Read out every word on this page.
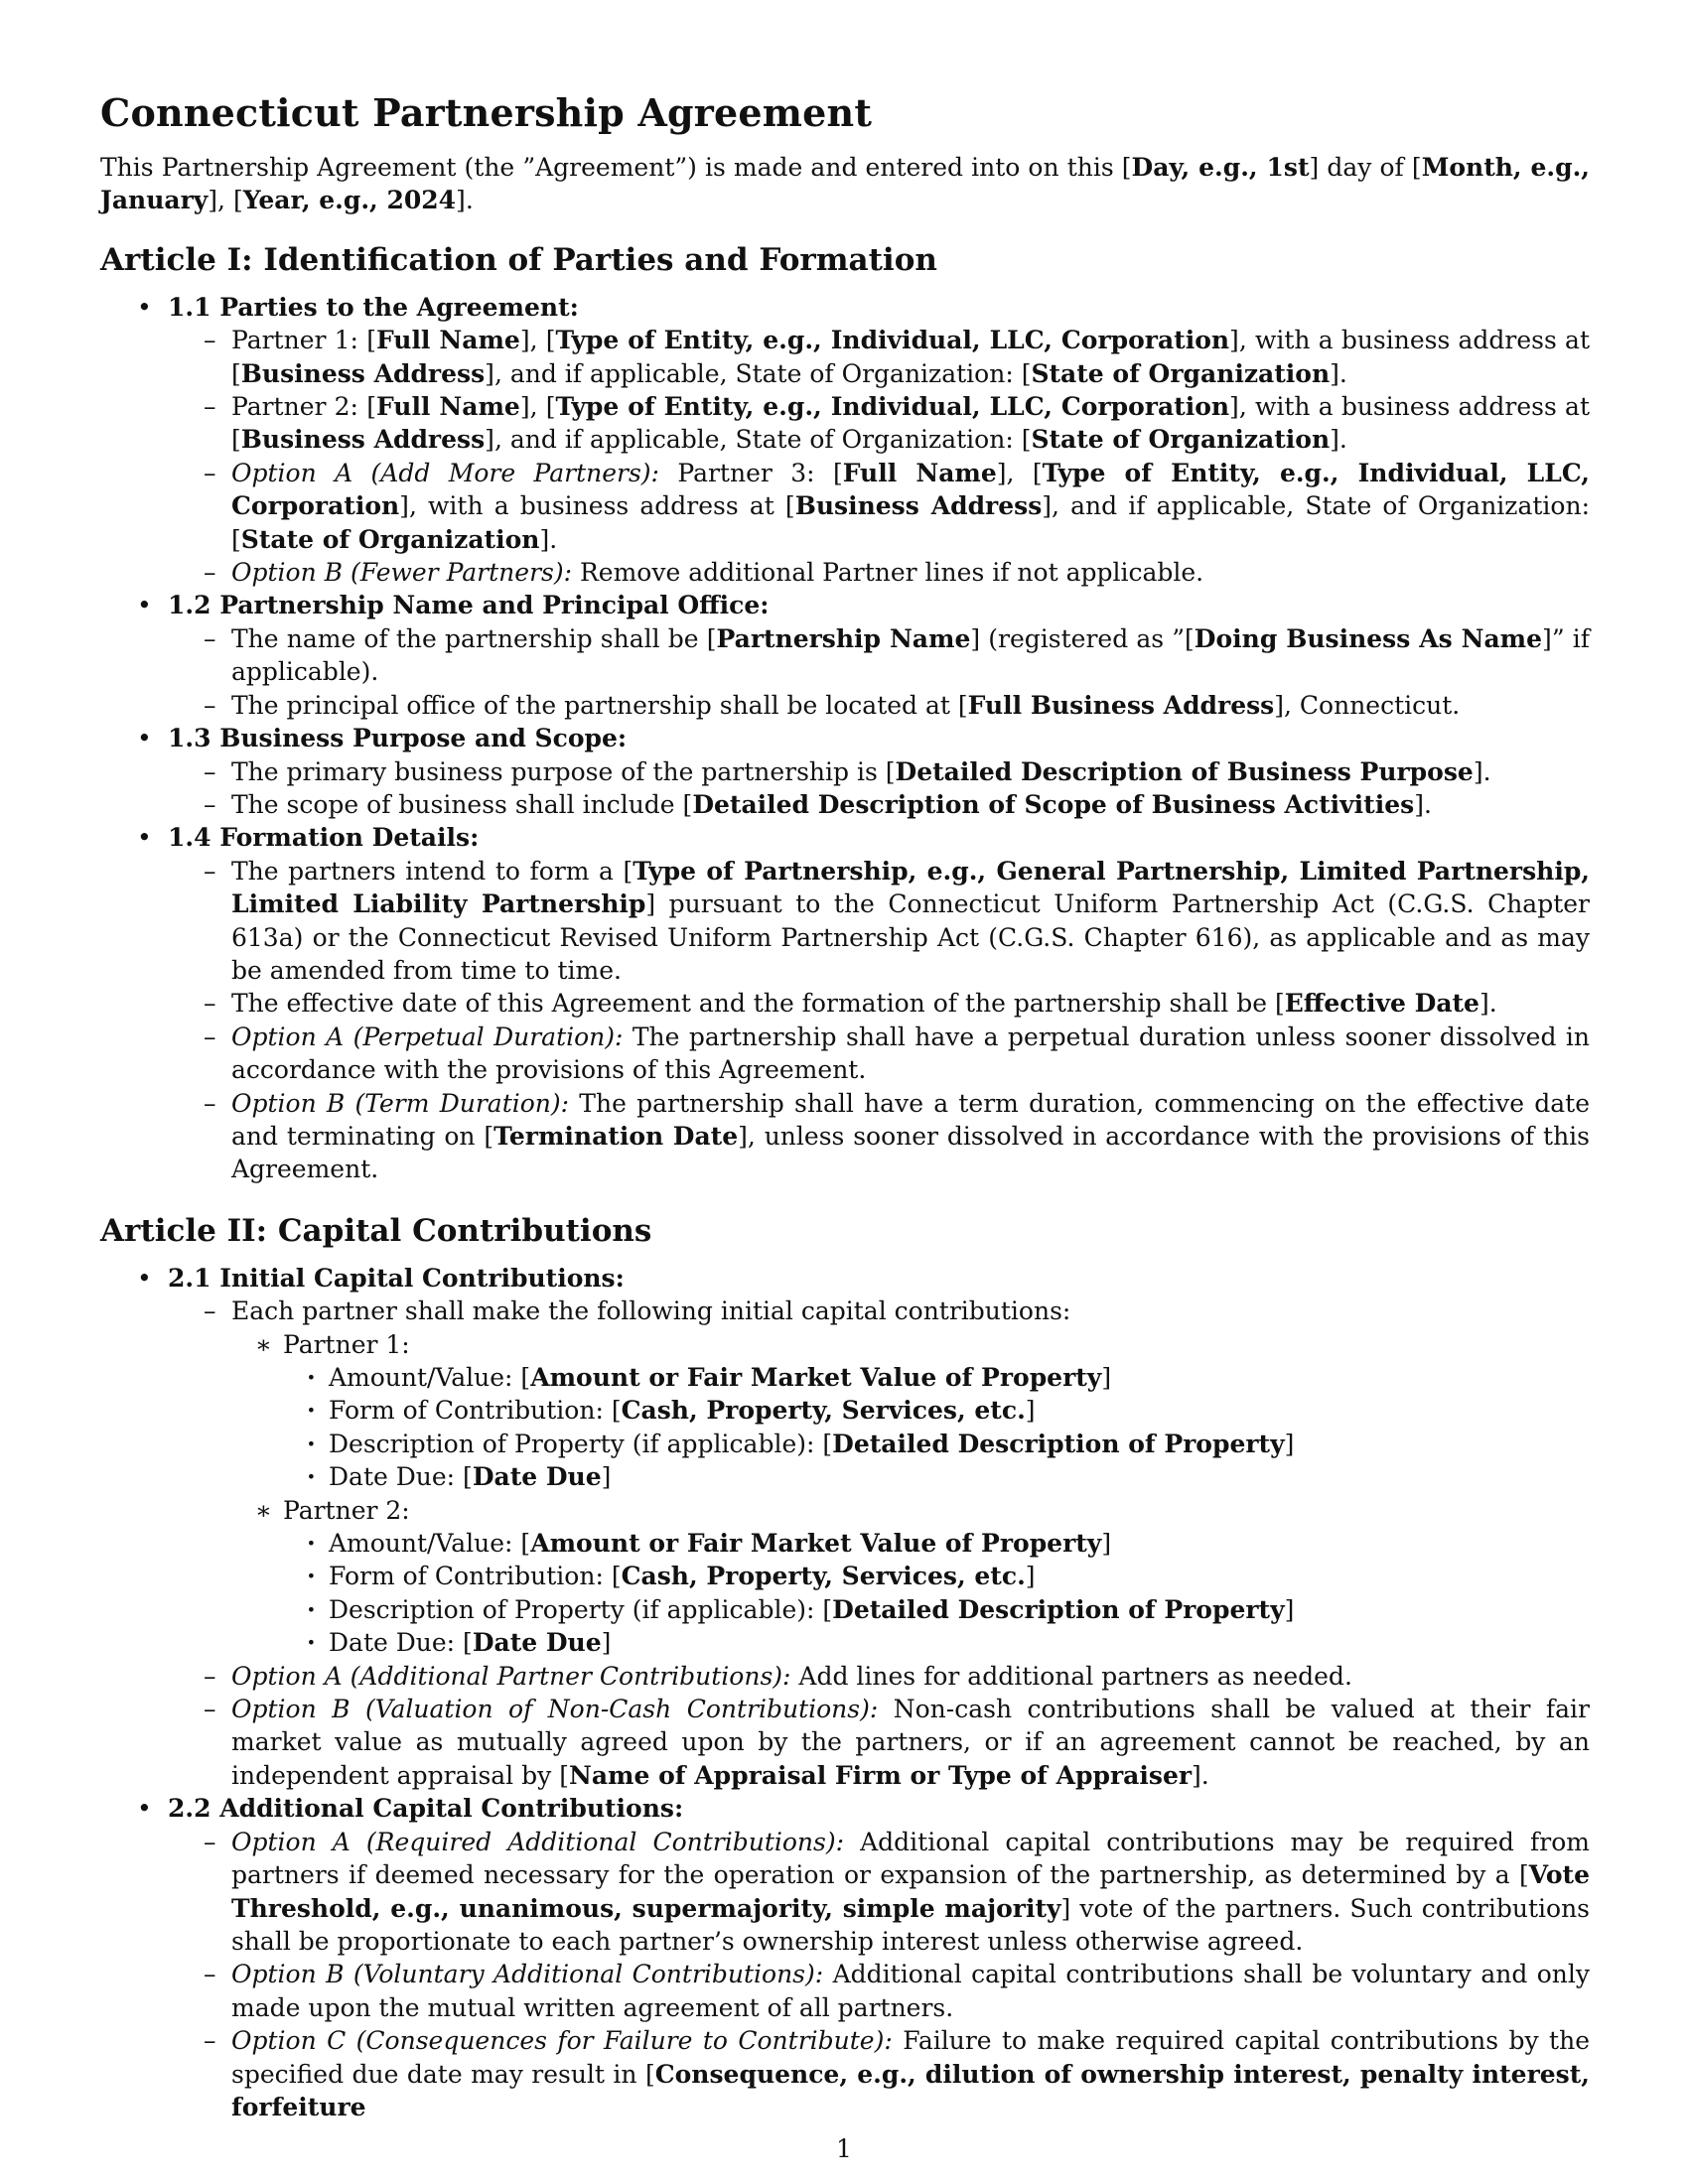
Connecticut Partnership Agreement

This Partnership Agreement (the ”Agreement”) is made and entered into on this [Day, e.g., 1st] day of [Month, e.g., January], [Year, e.g., 2024].

Article I: Identification of Parties and Formation
• 1.1 Parties to the Agreement:
– Partner 1: [Full Name], [Type of Entity, e.g., Individual, LLC, Corporation], with a business address at [Business Address], and if applicable, State of Organization: [State of Organization].
– Partner 2: [Full Name], [Type of Entity, e.g., Individual, LLC, Corporation], with a business address at [Business Address], and if applicable, State of Organization: [State of Organization].
– Option A (Add More Partners): Partner 3: [Full Name], [Type of Entity, e.g., Individual, LLC, Corporation], with a business address at [Business Address], and if applicable, State of Organization: [State of Organization].
– Option B (Fewer Partners): Remove additional Partner lines if not applicable.
• 1.2 Partnership Name and Principal Office:
– The name of the partnership shall be [Partnership Name] (registered as ”[Doing Business As Name]” if applicable).
– The principal office of the partnership shall be located at [Full Business Address], Connecticut.
• 1.3 Business Purpose and Scope:
– The primary business purpose of the partnership is [Detailed Description of Business Purpose].
– The scope of business shall include [Detailed Description of Scope of Business Activities].
• 1.4 Formation Details:
– The partners intend to form a [Type of Partnership, e.g., General Partnership, Limited Partnership, Limited Liability Partnership] pursuant to the Connecticut Uniform Partnership Act (C.G.S. Chapter 613a) or the Connecticut Revised Uniform Partnership Act (C.G.S. Chapter 616), as applicable and as may be amended from time to time.
– The effective date of this Agreement and the formation of the partnership shall be [Effective Date].
– Option A (Perpetual Duration): The partnership shall have a perpetual duration unless sooner dissolved in accordance with the provisions of this Agreement.
– Option B (Term Duration): The partnership shall have a term duration, commencing on the effective date and terminating on [Termination Date], unless sooner dissolved in accordance with the provisions of this Agreement.
Article II: Capital Contributions
• 2.1 Initial Capital Contributions:
– Each partner shall make the following initial capital contributions:
∗ Partner 1:
· Amount/Value: [Amount or Fair Market Value of Property]
· Form of Contribution: [Cash, Property, Services, etc.]
· Description of Property (if applicable): [Detailed Description of Property]
· Date Due: [Date Due]
∗ Partner 2:
· Amount/Value: [Amount or Fair Market Value of Property]
· Form of Contribution: [Cash, Property, Services, etc.]
· Description of Property (if applicable): [Detailed Description of Property]
· Date Due: [Date Due]
– Option A (Additional Partner Contributions): Add lines for additional partners as needed.
– Option B (Valuation of Non-Cash Contributions): Non-cash contributions shall be valued at their fair market value as mutually agreed upon by the partners, or if an agreement cannot be reached, by an independent appraisal by [Name of Appraisal Firm or Type of Appraiser].
• 2.2 Additional Capital Contributions:
– Option A (Required Additional Contributions): Additional capital contributions may be required from partners if deemed necessary for the operation or expansion of the partnership, as determined by a [Vote Threshold, e.g., unanimous, supermajority, simple majority] vote of the partners. Such contributions shall be proportionate to each partner’s ownership interest unless otherwise agreed.
– Option B (Voluntary Additional Contributions): Additional capital contributions shall be voluntary and only made upon the mutual written agreement of all partners.
– Option C (Consequences for Failure to Contribute): Failure to make required capital contributions by the specified due date may result in [Consequence, e.g., dilution of ownership interest, penalty interest, forfeiture
1
